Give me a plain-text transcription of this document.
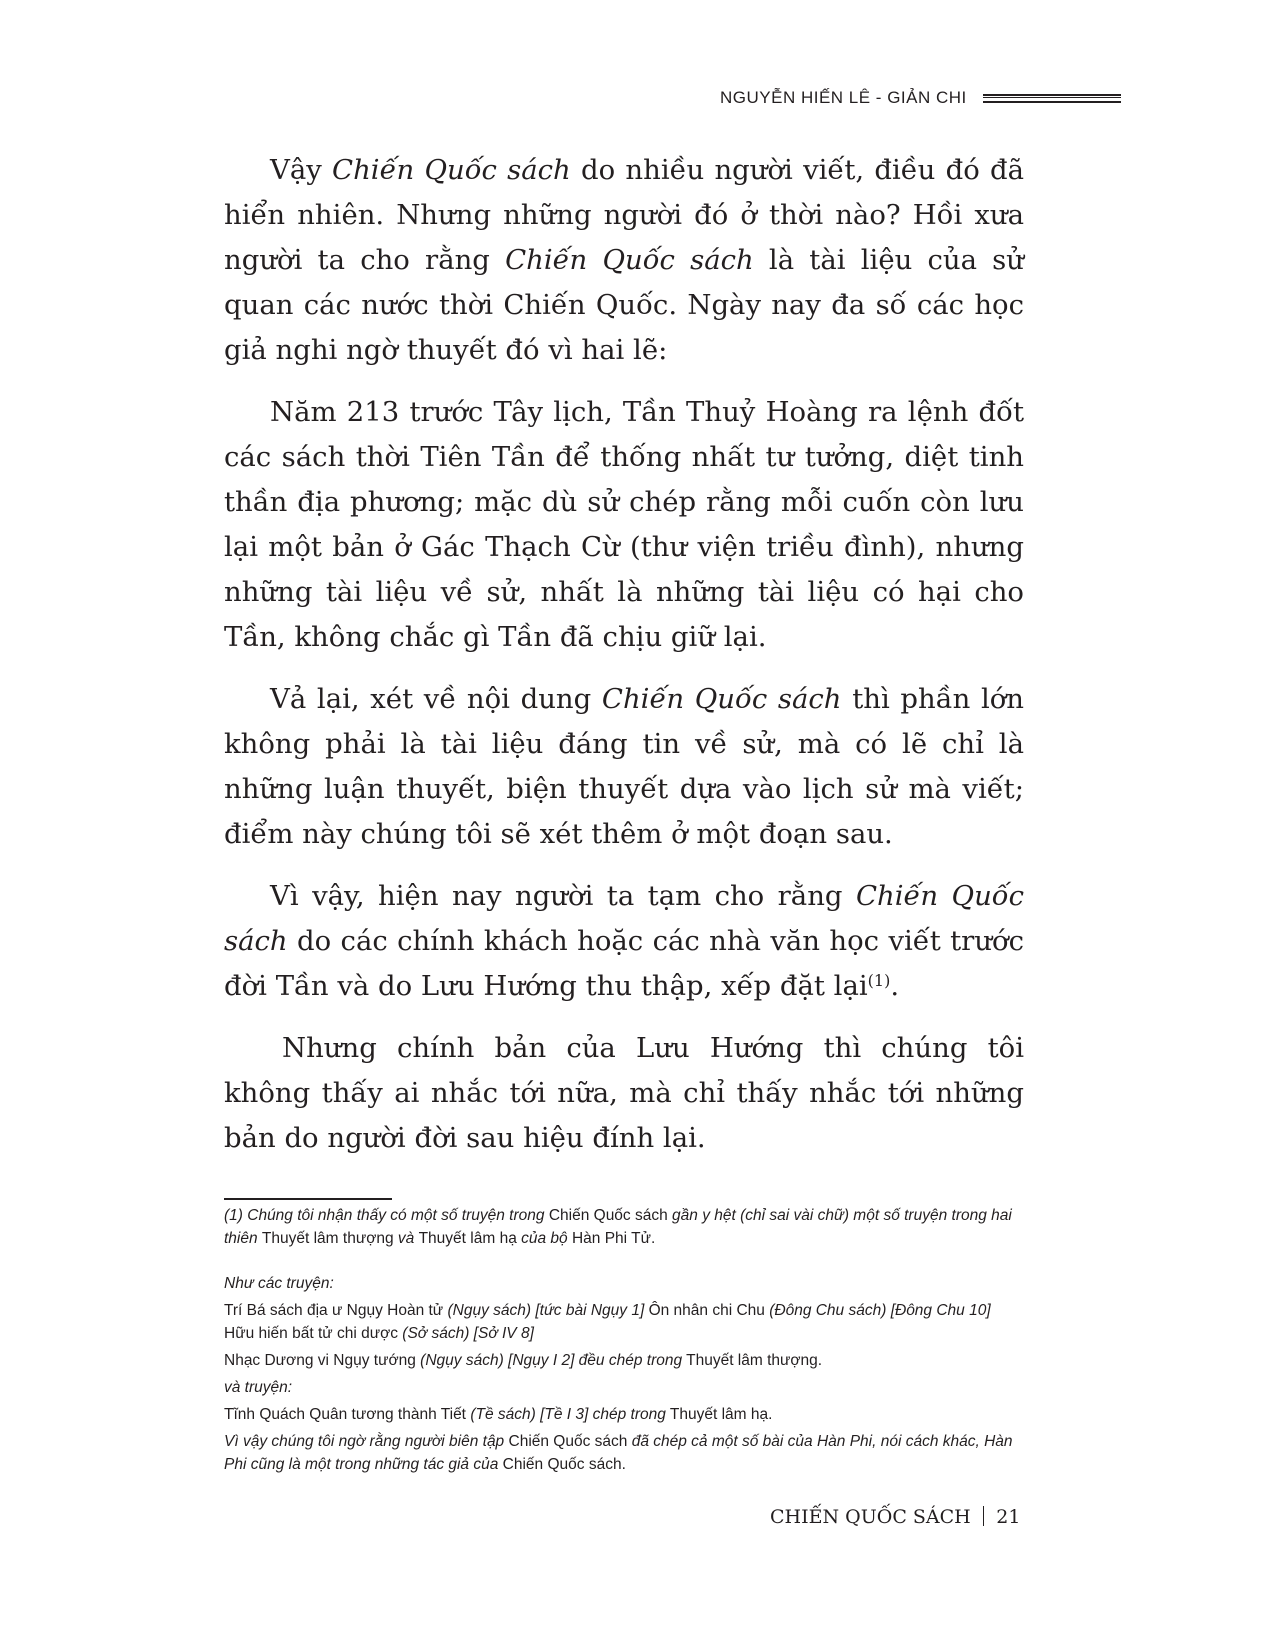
NGUYỄN HIẾN LÊ - GIẢN CHI

Vậy Chiến Quốc sách do nhiều người viết, điều đó đã hiển nhiên. Nhưng những người đó ở thời nào? Hồi xưa người ta cho rằng Chiến Quốc sách là tài liệu của sử quan các nước thời Chiến Quốc. Ngày nay đa số các học giả nghi ngờ thuyết đó vì hai lẽ:

Năm 213 trước Tây lịch, Tần Thuỷ Hoàng ra lệnh đốt các sách thời Tiên Tần để thống nhất tư tưởng, diệt tinh thần địa phương; mặc dù sử chép rằng mỗi cuốn còn lưu lại một bản ở Gác Thạch Cừ (thư viện triều đình), nhưng những tài liệu về sử, nhất là những tài liệu có hại cho Tần, không chắc gì Tần đã chịu giữ lại.

Vả lại, xét về nội dung Chiến Quốc sách thì phần lớn không phải là tài liệu đáng tin về sử, mà có lẽ chỉ là những luận thuyết, biện thuyết dựa vào lịch sử mà viết; điểm này chúng tôi sẽ xét thêm ở một đoạn sau.

Vì vậy, hiện nay người ta tạm cho rằng Chiến Quốc sách do các chính khách hoặc các nhà văn học viết trước đời Tần và do Lưu Hướng thu thập, xếp đặt lại$^{(1)}$.

Nhưng chính bản của Lưu Hướng thì chúng tôi không thấy ai nhắc tới nữa, mà chỉ thấy nhắc tới những bản do người đời sau hiệu đính lại.

(1) Chúng tôi nhận thấy có một số truyện trong Chiến Quốc sách gần y hệt (chỉ sai vài chữ) một số truyện trong hai thiên Thuyết lâm thượng và Thuyết lâm hạ của bộ Hàn Phi Tử.

Như các truyện:

Trí Bá sách địa ư Ngụy Hoàn tử (Ngụy sách) [tức bài Ngụy 1] Ôn nhân chi Chu (Đông Chu sách) [Đông Chu 10] Hữu hiến bất tử chi dược (Sở sách) [Sở IV 8]

Nhạc Dương vi Ngụy tướng (Ngụy sách) [Ngụy I 2] đều chép trong Thuyết lâm thượng.

và truyện:

Tĩnh Quách Quân tương thành Tiết (Tề sách) [Tề I 3] chép trong Thuyết lâm hạ.

Vì vậy chúng tôi ngờ rằng người biên tập Chiến Quốc sách đã chép cả một số bài của Hàn Phi, nói cách khác, Hàn Phi cũng là một trong những tác giả của Chiến Quốc sách.

CHIẾN QUỐC SÁCH 21
